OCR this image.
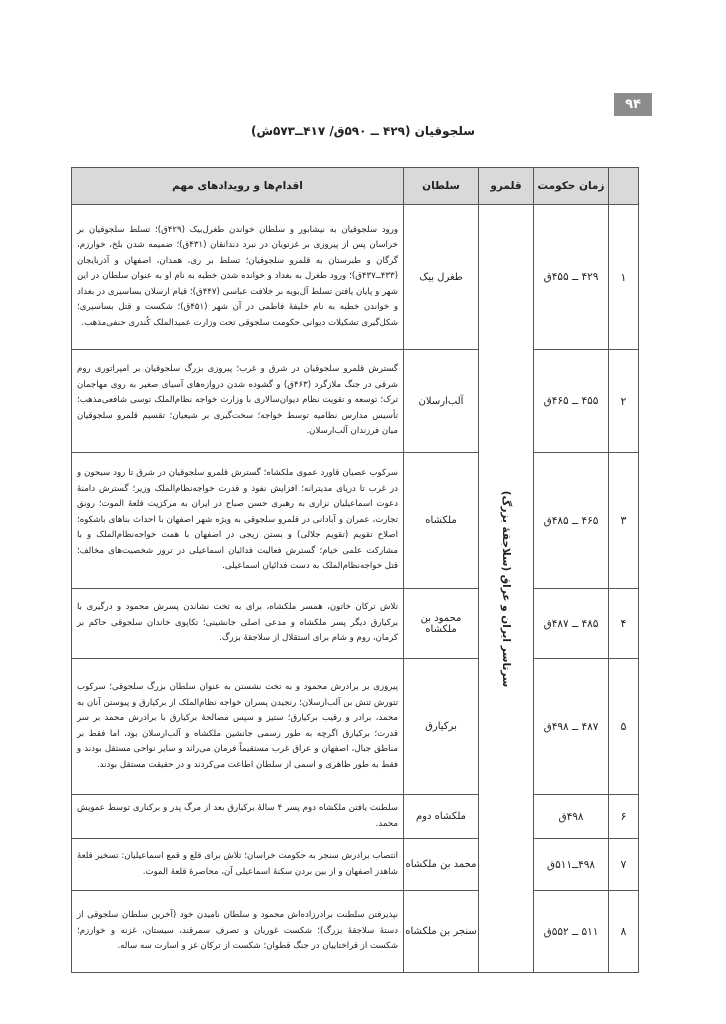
۹۴
سلجوقیان (۴۲۹ ــ ۵۹۰ق/ ۴۱۷ــ۵۷۳ش)
	زمان حکومت	قلمرو	سلطان	اقدام‌ها و رویدادهای مهم
۱	۴۲۹ ــ ۴۵۵ق	سرتاسر ایران و عراق (سلاجقهٔ بزرگ)	طغرل بیک	ورود سلجوقیان به نیشابور و سلطان خواندن طغرل‌بیک (۴۲۹ق)؛ تسلط سلجوقیان بر خراسان پس از پیروزی بر غزنویان در نبرد دندانقان (۴۳۱ق)؛ ضمیمه شدن بلخ، خوارزم، گرگان و طبرستان به قلمرو سلجوقیان؛ تسلط بر ری، همدان، اصفهان و آذربایجان (۴۳۳ــ۴۳۷ق)؛ ورود طغرل به بغداد و خوانده شدن خطبه به نام او به عنوان سلطان در این شهر و پایان یافتن تسلط آل‌بویه بر خلافت عباسی (۴۴۷ق)؛ قیام ارسلان بساسیری در بغداد و خواندن خطبه به نام خلیفهٔ فاطمی در آن شهر (۴۵۱ق)؛ شکست و قتل بساسیری؛ شکل‌گیری تشکیلات دیوانی حکومت سلجوقی تحت وزارت عمیدالملک کُندری حنفی‌مذهب.
۲	۴۵۵ ــ ۴۶۵ق		آلب‌ارسلان	گسترش قلمرو سلجوقیان در شرق و غرب؛ پیروزی بزرگ سلجوقیان بر امپراتوری روم شرقی در جنگ ملازگرد (۴۶۳ق) و گشوده شدن دروازه‌های آسیای صغیر به روی مهاجمان ترک؛ توسعه و تقویت نظام دیوان‌سالاری با وزارت خواجه نظام‌الملک توسی شافعی‌مذهب؛ تأسیس مدارس نظامیه توسط خواجه؛ سخت‌گیری بر شیعیان؛ تقسیم قلمرو سلجوقیان میان فرزندان آلب‌ارسلان.
۳	۴۶۵ ــ ۴۸۵ق		ملکشاه	سرکوب عصیان قاورد عموی ملکشاه؛ گسترش قلمرو سلجوقیان در شرق تا رود سیحون و در غرب تا دریای مدیترانه؛ افزایش نفوذ و قدرت خواجه‌نظام‌الملک وزیر؛ گسترش دامنهٔ دعوت اسماعیلیان نزاری به رهبری حسن صباح در ایران به مرکزیت قلعهٔ الموت؛ رونق تجارت، عمران و آبادانی در قلمرو سلجوقی به ویژه شهر اصفهان با احداث بناهای باشکوه؛ اصلاح تقویم (تقویم جلالی) و بستن زیجی در اصفهان با همت خواجه‌نظام‌الملک و با مشارکت علمی خیام؛ گسترش فعالیت فدائیان اسماعیلی در ترور شخصیت‌های مخالف؛ قتل خواجه‌نظام‌الملک به دست فدائیان اسماعیلی.
۴	۴۸۵ ــ ۴۸۷ق		محمود بن ملکشاه	تلاش ترکان خاتون، همسر ملکشاه، برای به تخت نشاندن پسرش محمود و درگیری با برکیارق دیگر پسر ملکشاه و مدعی اصلی جانشینی؛ تکاپوی خاندان سلجوقی حاکم بر کرمان، روم و شام برای استقلال از سلاجقهٔ بزرگ.
۵	۴۸۷ ــ ۴۹۸ق		برکیارق	پیروزی بر برادرش محمود و به تخت نشستن به عنوان سلطان بزرگ سلجوقی؛ سرکوب تتورش تتش بن آلب‌ارسلان؛ رنجیدن پسران خواجه نظام‌الملک از برکیارق و پیوستن آنان به محمد، برادر و رقیب برکیارق؛ ستیز و سپس مصالحهٔ برکیارق با برادرش محمد بر سر قدرت؛ برکیارق اگرچه به طور رسمی جانشین ملکشاه و آلب‌ارسلان بود، اما فقط بر مناطق جبال، اصفهان و عراق غرب مستقیماً فرمان می‌راند و سایر نواحی مستقل بودند و فقط به طور ظاهری و اسمی از سلطان اطاعت می‌کردند و در حقیقت مستقل بودند.
۶	۴۹۸ق		ملکشاه دوم	سلطنت یافتن ملکشاه دوم پسر ۴ سالهٔ برکیارق بعد از مرگ پدر و برکناری توسط عمویش محمد.
۷	۴۹۸ــ۵۱۱ق		محمد بن ملکشاه	انتصاب برادرش سنجر به حکومت خراسان؛ تلاش برای قلع و قمع اسماعیلیان: تسخیر قلعهٔ شاهدز اصفهان و از بین بردن سکنهٔ اسماعیلی آن، محاصرهٔ قلعهٔ الموت.
۸	۵۱۱ ــ ۵۵۲ق		سنجر بن ملکشاه	نپذیرفتن سلطنت برادرزاده‌اش محمود و سلطان نامیدن خود (آخرین سلطان سلجوقی از دستهٔ سلاجقهٔ بزرگ)؛ شکست غوریان و تصرف سمرقند، سیستان، غزنه و خوارزم؛ شکست از قراختاییان در جنگ قطوان؛ شکست از ترکان غز و اسارت سه ساله.
